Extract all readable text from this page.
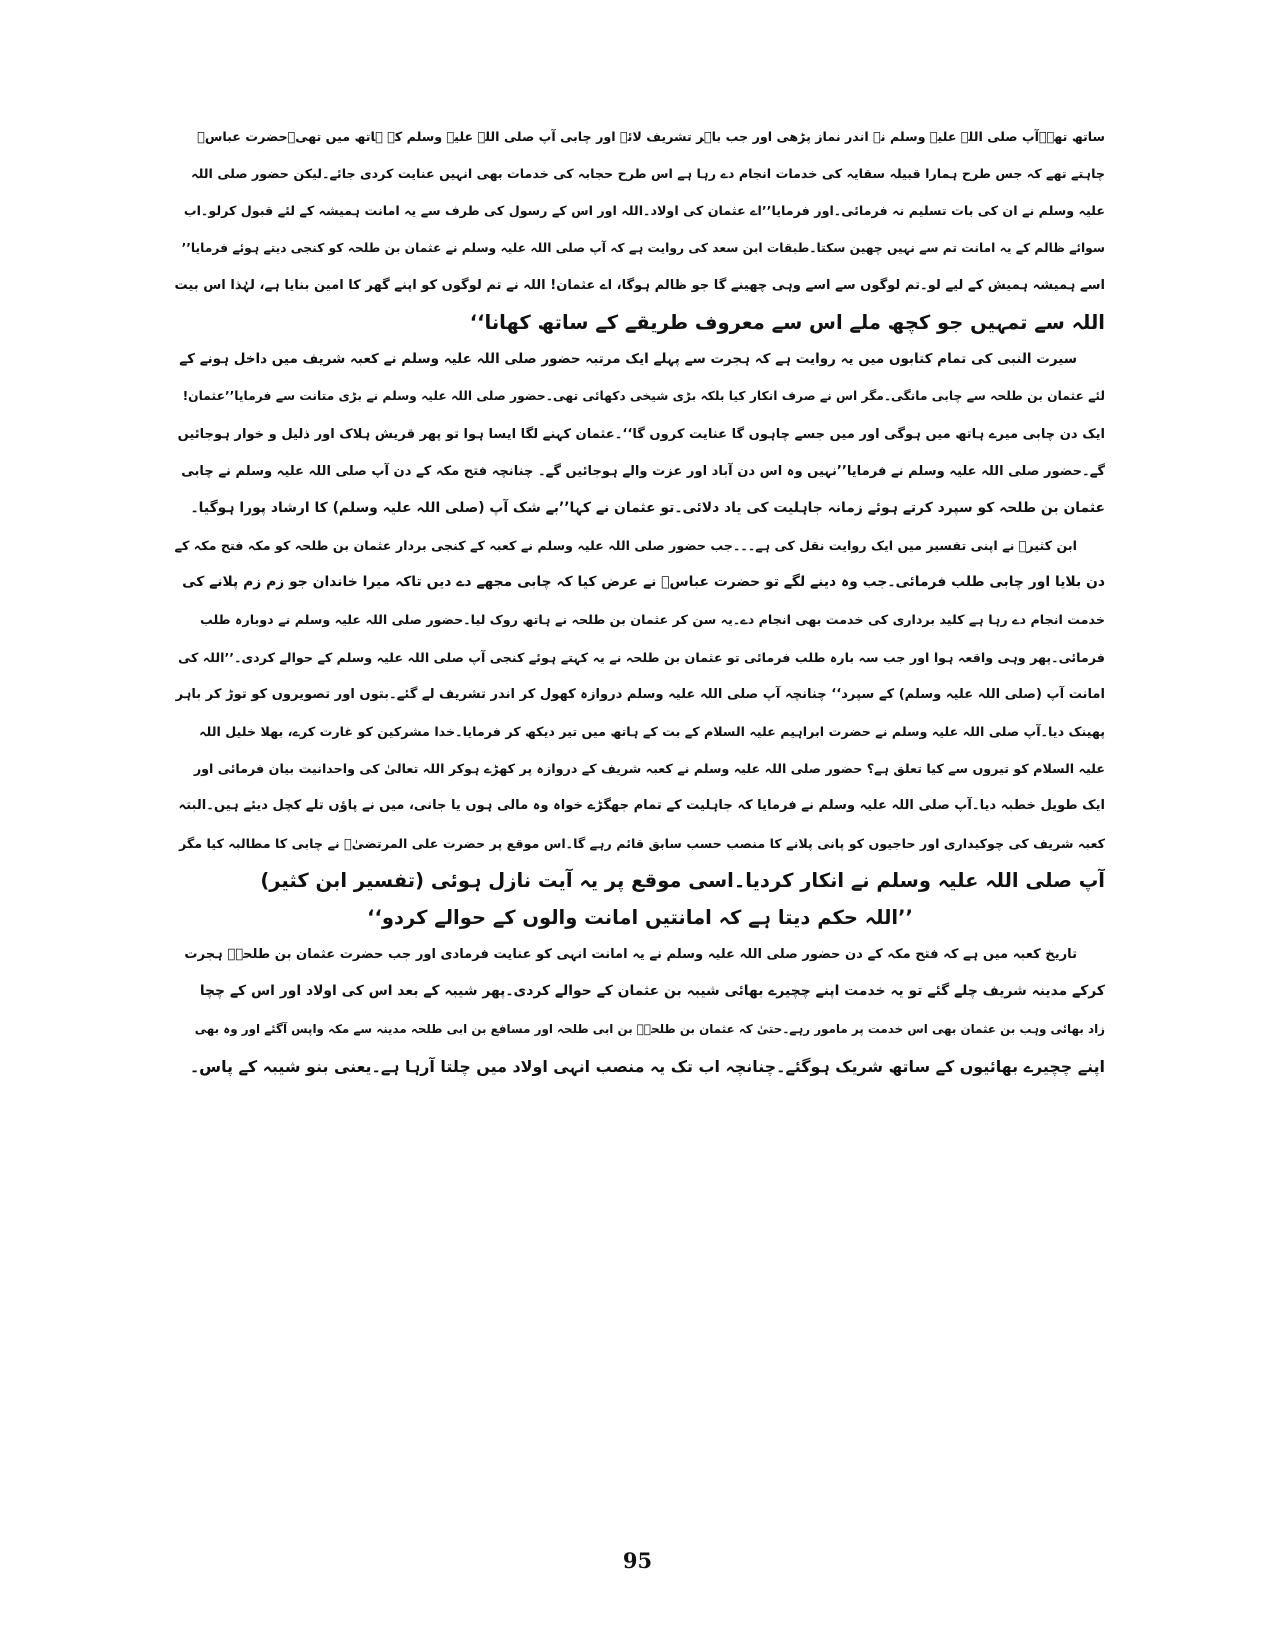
ساتھ تھے۔آپ صلی اللہ علیہ وسلم نے اندر نماز پڑھی اور جب باہر تشریف لائے اور چابی آپ صلی اللہ علیہ وسلم کے ہاتھ میں تھی۔حضرت عباسؓ
چاہتے تھے کہ جس طرح ہمارا قبیلہ سقایہ کی خدمات انجام دے رہا ہے اس طرح حجابہ کی خدمات بھی انہیں عنایت کردی جائے۔لیکن حضور صلی اللہ
علیہ وسلم نے ان کی بات تسلیم نہ فرمائی۔اور فرمایا’’اے عثمان کی اولاد۔اللہ اور اس کے رسول کی طرف سے یہ امانت ہمیشہ کے لئے قبول کرلو۔اب
سوائے ظالم کے یہ امانت تم سے نہیں چھین سکتا۔طبقات ابن سعد کی روایت ہے کہ آپ صلی اللہ علیہ وسلم نے عثمان بن طلحہ کو کنجی دیتے ہوئے فرمایا’’
اسے ہمیشہ ہمیش کے لیے لو۔تم لوگوں سے اسے وہی چھینے گا جو ظالم ہوگا، اے عثمان! اللہ نے تم لوگوں کو اپنے گھر کا امین بنایا ہے، لہٰذا اس بیت
اللہ سے تمہیں جو کچھ ملے اس سے معروف طریقے کے ساتھ کھانا‘‘
سیرت النبی کی تمام کتابوں میں یہ روایت ہے کہ ہجرت سے پہلے ایک مرتبہ حضور صلی اللہ علیہ وسلم نے کعبہ شریف میں داخل ہونے کے
لئے عثمان بن طلحہ سے چابی مانگی۔مگر اس نے صرف انکار کیا بلکہ بڑی شیخی دکھائی تھی۔حضور صلی اللہ علیہ وسلم نے بڑی متانت سے فرمایا’’عثمان!
ایک دن چابی میرے ہاتھ میں ہوگی اور میں جسے چاہوں گا عنایت کروں گا‘‘۔عثمان کہنے لگا ایسا ہوا تو پھر قریش ہلاک اور ذلیل و خوار ہوجائیں
گے۔حضور صلی اللہ علیہ وسلم نے فرمایا’’نہیں وہ اس دن آباد اور عزت والے ہوجائیں گے۔ چنانچہ فتح مکہ کے دن آپ صلی اللہ علیہ وسلم نے چابی
عثمان بن طلحہ کو سپرد کرتے ہوئے زمانہ جاہلیت کی یاد دلائی۔تو عثمان نے کہا’’بے شک آپ (صلی اللہ علیہ وسلم) کا ارشاد پورا ہوگیا۔
ابن کثیرؒ نے اپنی تفسیر میں ایک روایت نقل کی ہے۔۔۔جب حضور صلی اللہ علیہ وسلم نے کعبہ کے کنجی بردار عثمان بن طلحہ کو مکہ فتح مکہ کے
دن بلایا اور چابی طلب فرمائی۔جب وہ دینے لگے تو حضرت عباسؓ نے عرض کیا کہ چابی مجھے دے دیں تاکہ میرا خاندان جو زم زم پلانے کی
خدمت انجام دے رہا ہے کلید برداری کی خدمت بھی انجام دے۔یہ سن کر عثمان بن طلحہ نے ہاتھ روک لیا۔حضور صلی اللہ علیہ وسلم نے دوبارہ طلب
فرمائی۔پھر وہی واقعہ ہوا اور جب سہ بارہ طلب فرمائی تو عثمان بن طلحہ نے یہ کہتے ہوئے کنجی آپ صلی اللہ علیہ وسلم کے حوالے کردی۔’’اللہ کی
امانت آپ (صلی اللہ علیہ وسلم) کے سپرد‘‘ چنانچہ آپ صلی اللہ علیہ وسلم دروازہ کھول کر اندر تشریف لے گئے۔بتوں اور تصویروں کو توڑ کر باہر
پھینک دیا۔آپ صلی اللہ علیہ وسلم نے حضرت ابراہیم علیہ السلام کے بت کے ہاتھ میں تیر دیکھ کر فرمایا۔خدا مشرکین کو غارت کرے، بھلا خلیل اللہ
علیہ السلام کو تیروں سے کیا تعلق ہے؟ حضور صلی اللہ علیہ وسلم نے کعبہ شریف کے دروازہ پر کھڑے ہوکر اللہ تعالیٰ کی واحدانیت بیان فرمائی اور
ایک طویل خطبہ دیا۔آپ صلی اللہ علیہ وسلم نے فرمایا کہ جاہلیت کے تمام جھگڑے خواہ وہ مالی ہوں یا جانی، میں نے پاؤں تلے کچل دیئے ہیں۔البتہ
کعبہ شریف کی چوکیداری اور حاجیوں کو پانی پلانے کا منصب حسب سابق قائم رہے گا۔اس موقع پر حضرت علی المرتضیٰؓ نے چابی کا مطالبہ کیا مگر
آپ صلی اللہ علیہ وسلم نے انکار کردیا۔اسی موقع پر یہ آیت نازل ہوئی (تفسیر ابن کثیر)
’’اللہ حکم دیتا ہے کہ امانتیں امانت والوں کے حوالے کردو‘‘
تاریخ کعبہ میں ہے کہ فتح مکہ کے دن حضور صلی اللہ علیہ وسلم نے یہ امانت انہی کو عنایت فرمادی اور جب حضرت عثمان بن طلحہؓ ہجرت
کرکے مدینہ شریف چلے گئے تو یہ خدمت اپنے چچیرے بھائی شیبہ بن عثمان کے حوالے کردی۔پھر شیبہ کے بعد اس کی اولاد اور اس کے چچا
زاد بھائی وہب بن عثمان بھی اس خدمت پر مامور رہے۔حتیٰ کہ عثمان بن طلحہؓ بن ابی طلحہ اور مسافع بن ابی طلحہ مدینہ سے مکہ واپس آگئے اور وہ بھی
اپنے چچیرے بھائیوں کے ساتھ شریک ہوگئے۔چنانچہ اب تک یہ منصب انہی اولاد میں چلتا آرہا ہے۔یعنی بنو شیبہ کے پاس۔
95
